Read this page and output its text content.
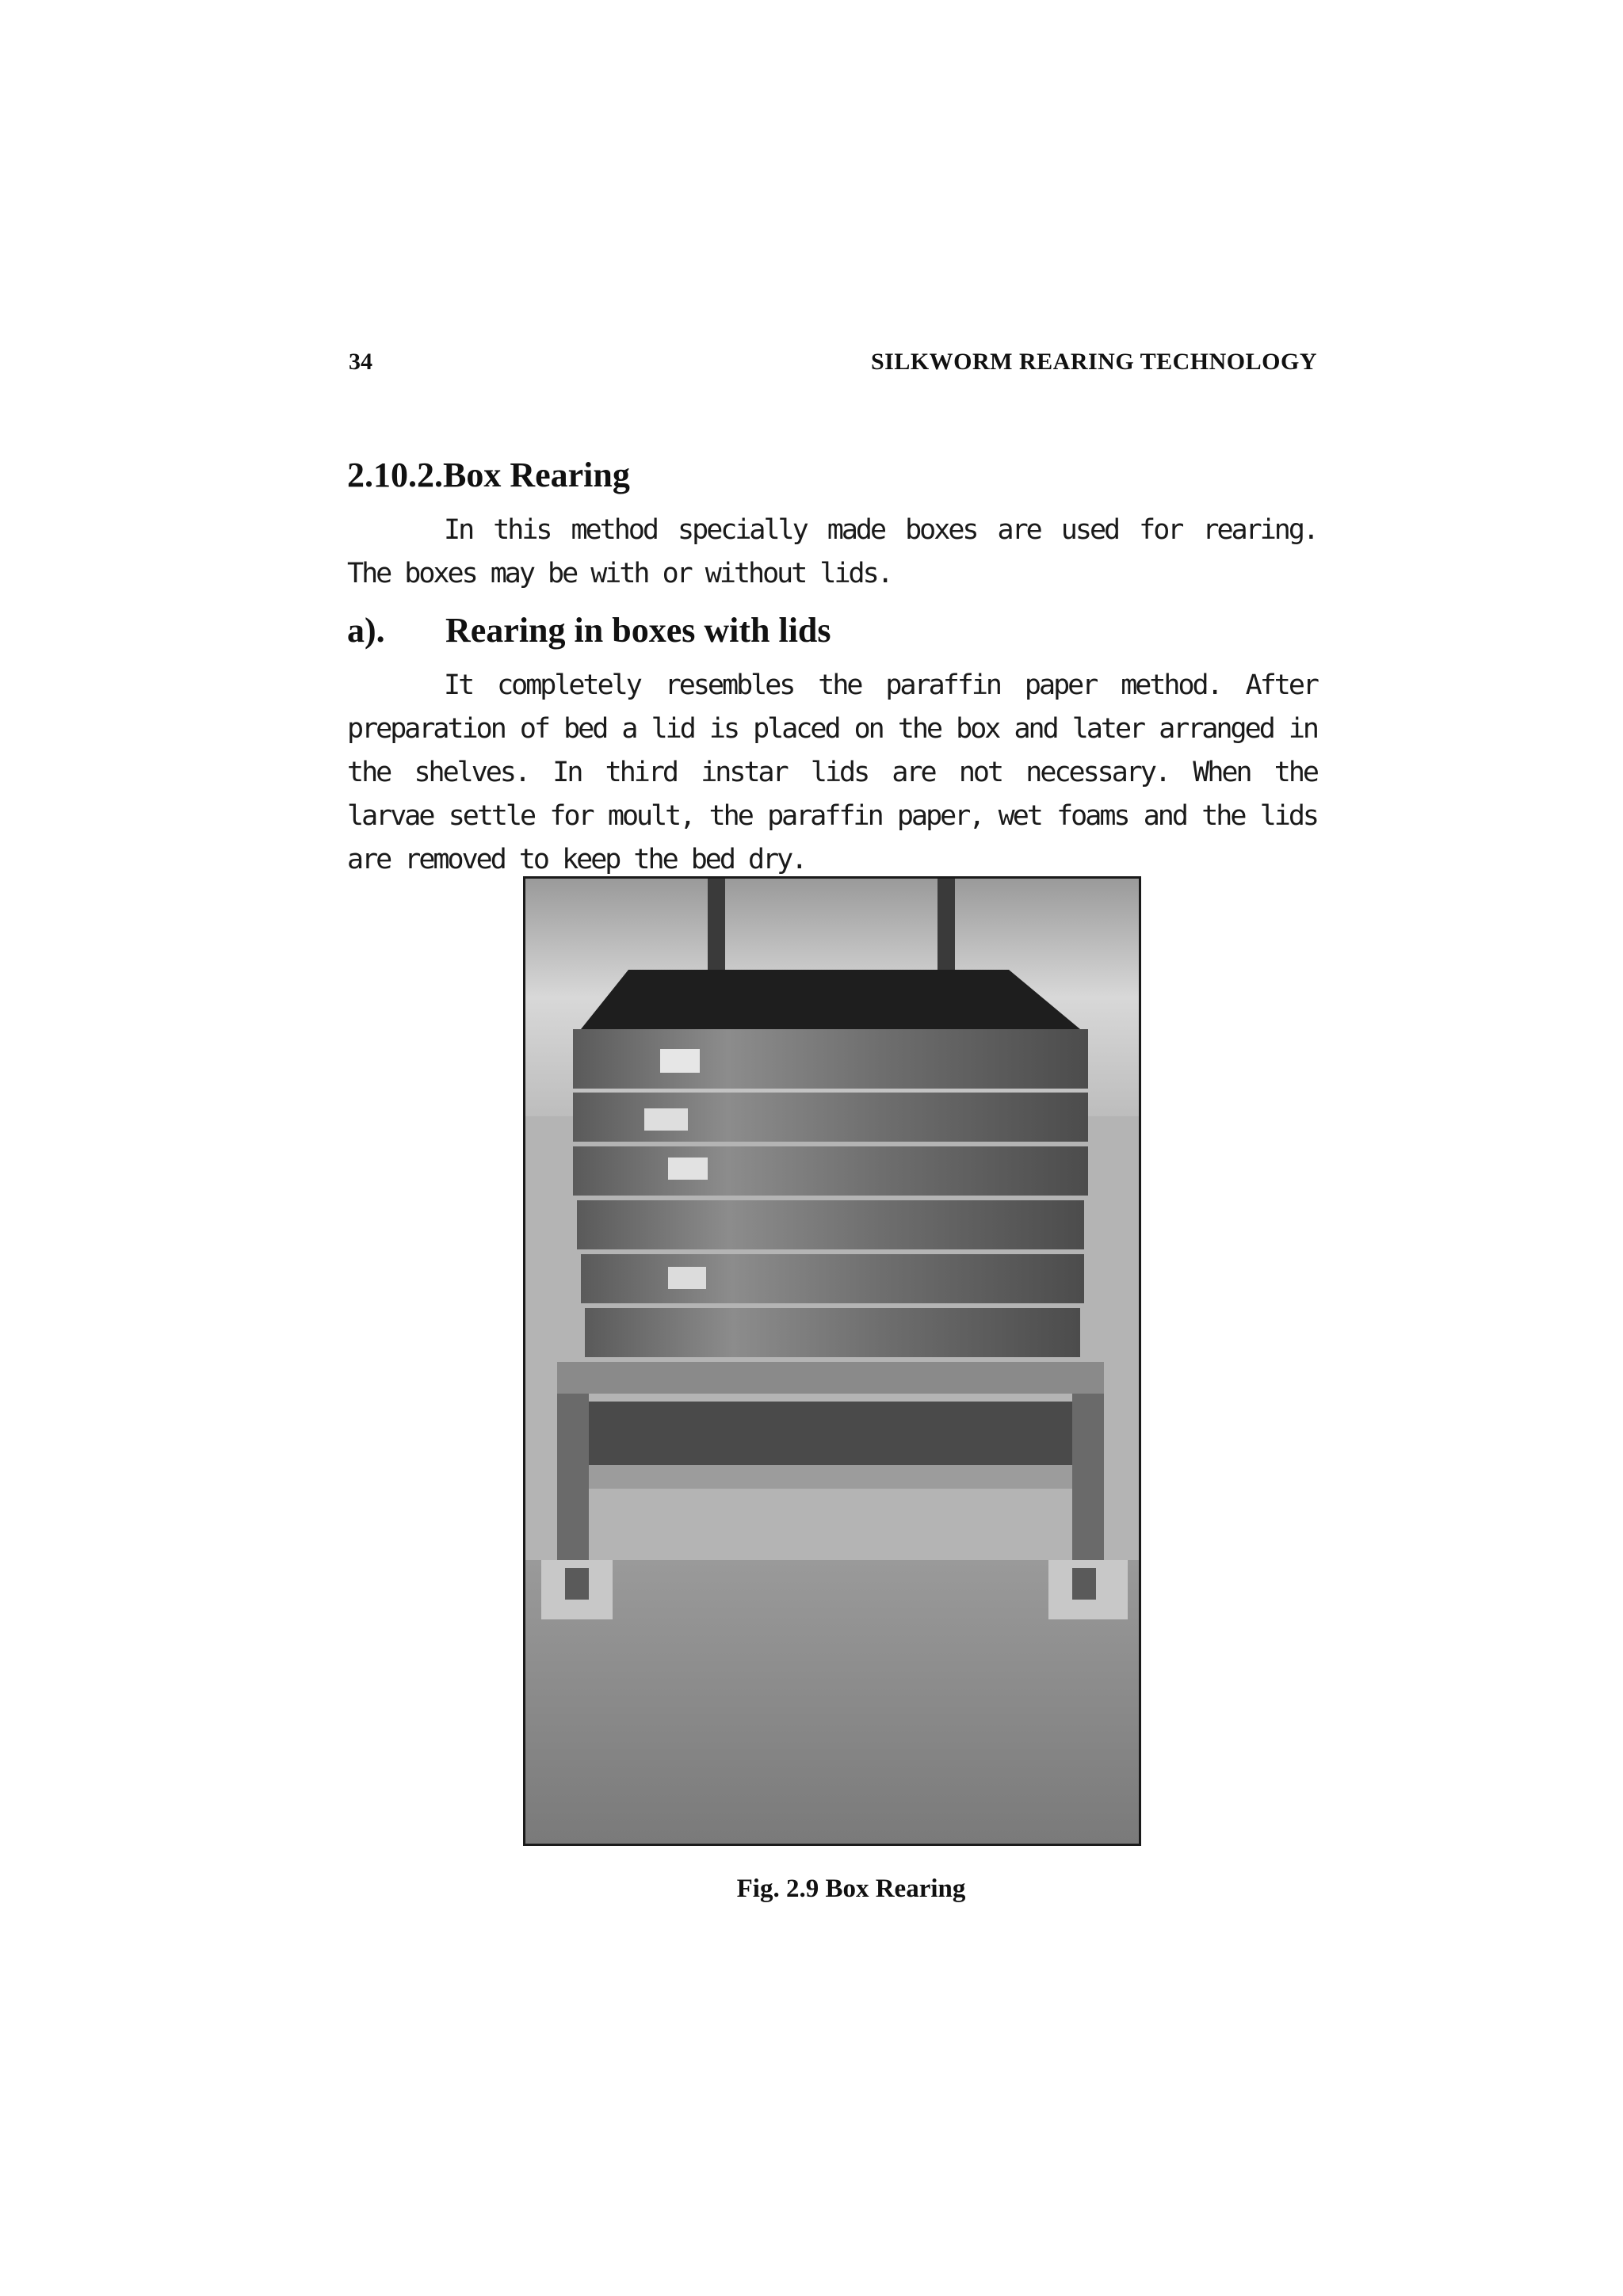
34	SILKWORM REARING TECHNOLOGY
2.10.2.Box Rearing

In this method specially made boxes are used for rearing. The boxes may be with or without lids.

a). Rearing in boxes with lids

It completely resembles the paraffin paper method. After preparation of bed a lid is placed on the box and later arranged in the shelves. In third instar lids are not necessary. When the larvae settle for moult, the paraffin paper, wet foams and the lids are removed to keep the bed dry.

Fig. 2.9 Box Rearing
